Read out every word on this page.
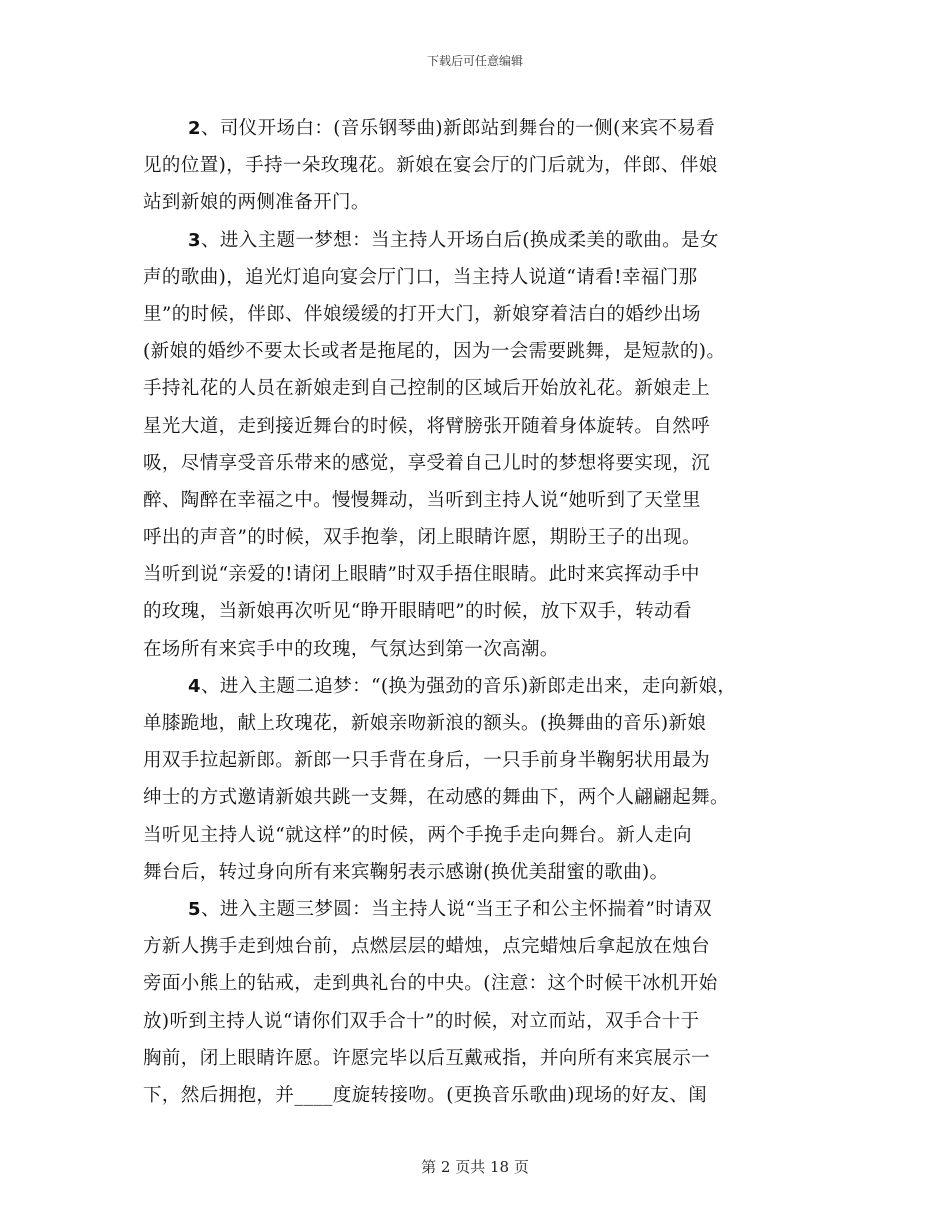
下载后可任意编辑
2、司仪开场白：(音乐钢琴曲)新郎站到舞台的一侧(来宾不易看
见的位置)，手持一朵玫瑰花。新娘在宴会厅的门后就为，伴郎、伴娘
站到新娘的两侧准备开门。
3、进入主题一梦想：当主持人开场白后(换成柔美的歌曲。是女
声的歌曲)，追光灯追向宴会厅门口，当主持人说道“请看!幸福门那
里”的时候，伴郎、伴娘缓缓的打开大门，新娘穿着洁白的婚纱出场
(新娘的婚纱不要太长或者是拖尾的，因为一会需要跳舞，是短款的)。
手持礼花的人员在新娘走到自己控制的区域后开始放礼花。新娘走上
星光大道，走到接近舞台的时候，将臂膀张开随着身体旋转。自然呼
吸，尽情享受音乐带来的感觉，享受着自己儿时的梦想将要实现，沉
醉、陶醉在幸福之中。慢慢舞动，当听到主持人说“她听到了天堂里
呼出的声音”的时候，双手抱拳，闭上眼睛许愿，期盼王子的出现。
当听到说“亲爱的!请闭上眼睛”时双手捂住眼睛。此时来宾挥动手中
的玫瑰，当新娘再次听见“睁开眼睛吧”的时候，放下双手，转动看
在场所有来宾手中的玫瑰，气氛达到第一次高潮。
4、进入主题二追梦：“(换为强劲的音乐)新郎走出来，走向新娘，
单膝跪地，献上玫瑰花，新娘亲吻新浪的额头。(换舞曲的音乐)新娘
用双手拉起新郎。新郎一只手背在身后，一只手前身半鞠躬状用最为
绅士的方式邀请新娘共跳一支舞，在动感的舞曲下，两个人翩翩起舞。
当听见主持人说“就这样”的时候，两个手挽手走向舞台。新人走向
舞台后，转过身向所有来宾鞠躬表示感谢(换优美甜蜜的歌曲)。
5、进入主题三梦圆：当主持人说“当王子和公主怀揣着”时请双
方新人携手走到烛台前，点燃层层的蜡烛，点完蜡烛后拿起放在烛台
旁面小熊上的钻戒，走到典礼台的中央。(注意：这个时候干冰机开始
放)听到主持人说“请你们双手合十”的时候，对立而站，双手合十于
胸前，闭上眼睛许愿。许愿完毕以后互戴戒指，并向所有来宾展示一
下，然后拥抱，并____度旋转接吻。(更换音乐歌曲)现场的好友、闺
第 2 页共 18 页
